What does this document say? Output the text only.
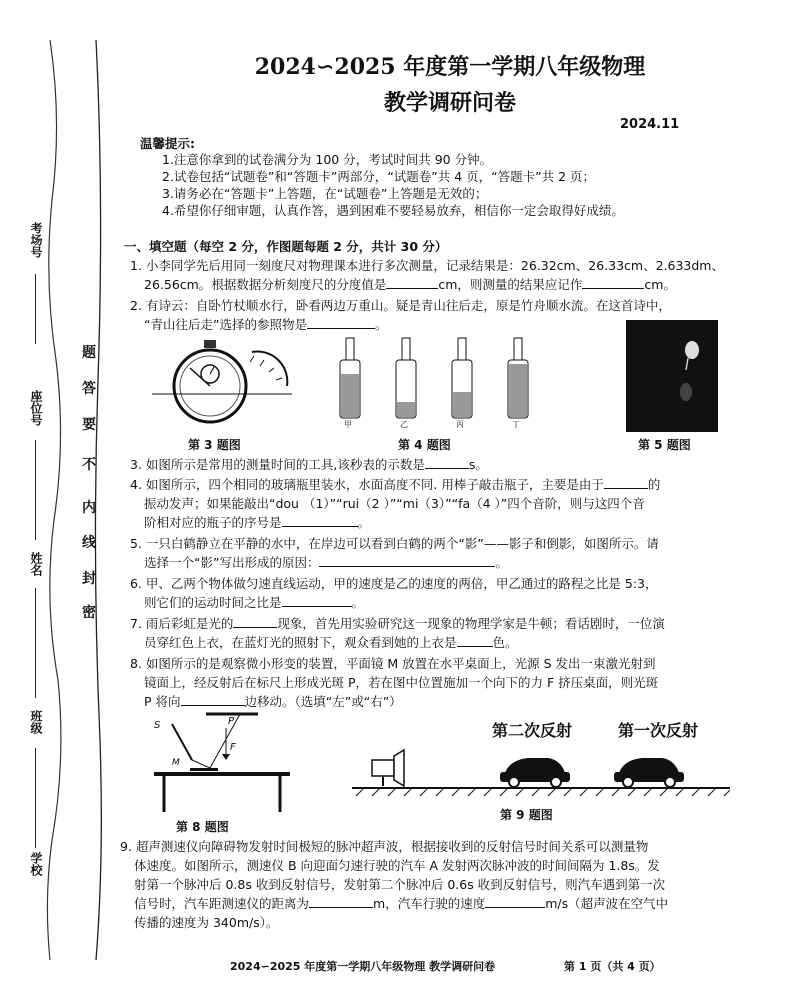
考场号
座位号
姓名
班级
学校
密
封
线
内
不
要
答
题
2024∽2025 年度第一学期八年级物理
教学调研问卷
2024.11
温馨提示:
1.注意你拿到的试卷满分为 100 分，考试时间共 90 分钟。
2.试卷包括“试题卷”和“答题卡”两部分，“试题卷”共 4 页，“答题卡”共 2 页；
3.请务必在“答题卡”上答题，在“试题卷”上答题是无效的；
4.希望你仔细审题，认真作答，遇到困难不要轻易放弃，相信你一定会取得好成绩。
一、填空题（每空 2 分，作图题每题 2 分，共计 30 分）
1. 小李同学先后用同一刻度尺对物理课本进行多次测量，记录结果是：26.32cm、26.33cm、2.633dm、
26.56cm。根据数据分析刻度尺的分度值是	cm，则测量的结果应记作	cm。
2. 有诗云：自卧竹杖顺水行，卧看两边万重山。疑是青山往后走，原是竹舟顺水流。在这首诗中，
“青山往后走”选择的参照物是	。
第 3 题图
甲	乙	丙	丁
第 4 题图	第 5 题图
3. 如图所示是常用的测量时间的工具,该秒表的示数是	s。
4. 如图所示，四个相同的玻璃瓶里装水，水面高度不同. 用棒子敲击瓶子，主要是由于	的
振动发声；如果能敲出“dou （1）”“rui（2 ）”“mi（3）”“fa（4 ）”四个音阶，则与这四个音
阶相对应的瓶子的序号是	。
5. 一只白鹤静立在平静的水中，在岸边可以看到白鹤的两个“影”——影子和倒影，如图所示。请
选择一个“影”写出形成的原因：	。
6. 甲、乙两个物体做匀速直线运动，甲的速度是乙的速度的两倍，甲乙通过的路程之比是 5:3，
则它们的运动时间之比是	。
7. 雨后彩虹是光的	现象，首先用实验研究这一现象的物理学家是牛顿；看话剧时，一位演
员穿红色上衣，在蓝灯光的照射下，观众看到她的上衣是	色。
8. 如图所示的是观察微小形变的装置，平面镜 M 放置在水平桌面上，光源 S 发出一束激光射到
镜面上，经反射后在标尺上形成光斑 P，若在图中位置施加一个向下的力 F 挤压桌面，则光斑
P 将向	边移动。（选填“左”或“右”）
S	P
F
M
第 8 题图
第二次反射	第一次反射
第 9 题图
9. 超声测速仪向障碍物发射时间极短的脉冲超声波，根据接收到的反射信号时间关系可以测量物
体速度。如图所示，测速仪 B 向迎面匀速行驶的汽车 A 发射两次脉冲波的时间间隔为 1.8s。发
射第一个脉冲后 0.8s 收到反射信号，发射第二个脉冲后 0.6s 收到反射信号，则汽车遇到第一次
信号时，汽车距测速仪的距离为	m，汽车行驶的速度	m/s（超声波在空气中
传播的速度为 340m/s）。
2024∽2025 年度第一学期八年级物理 教学调研问卷	第 1 页（共 4 页）
